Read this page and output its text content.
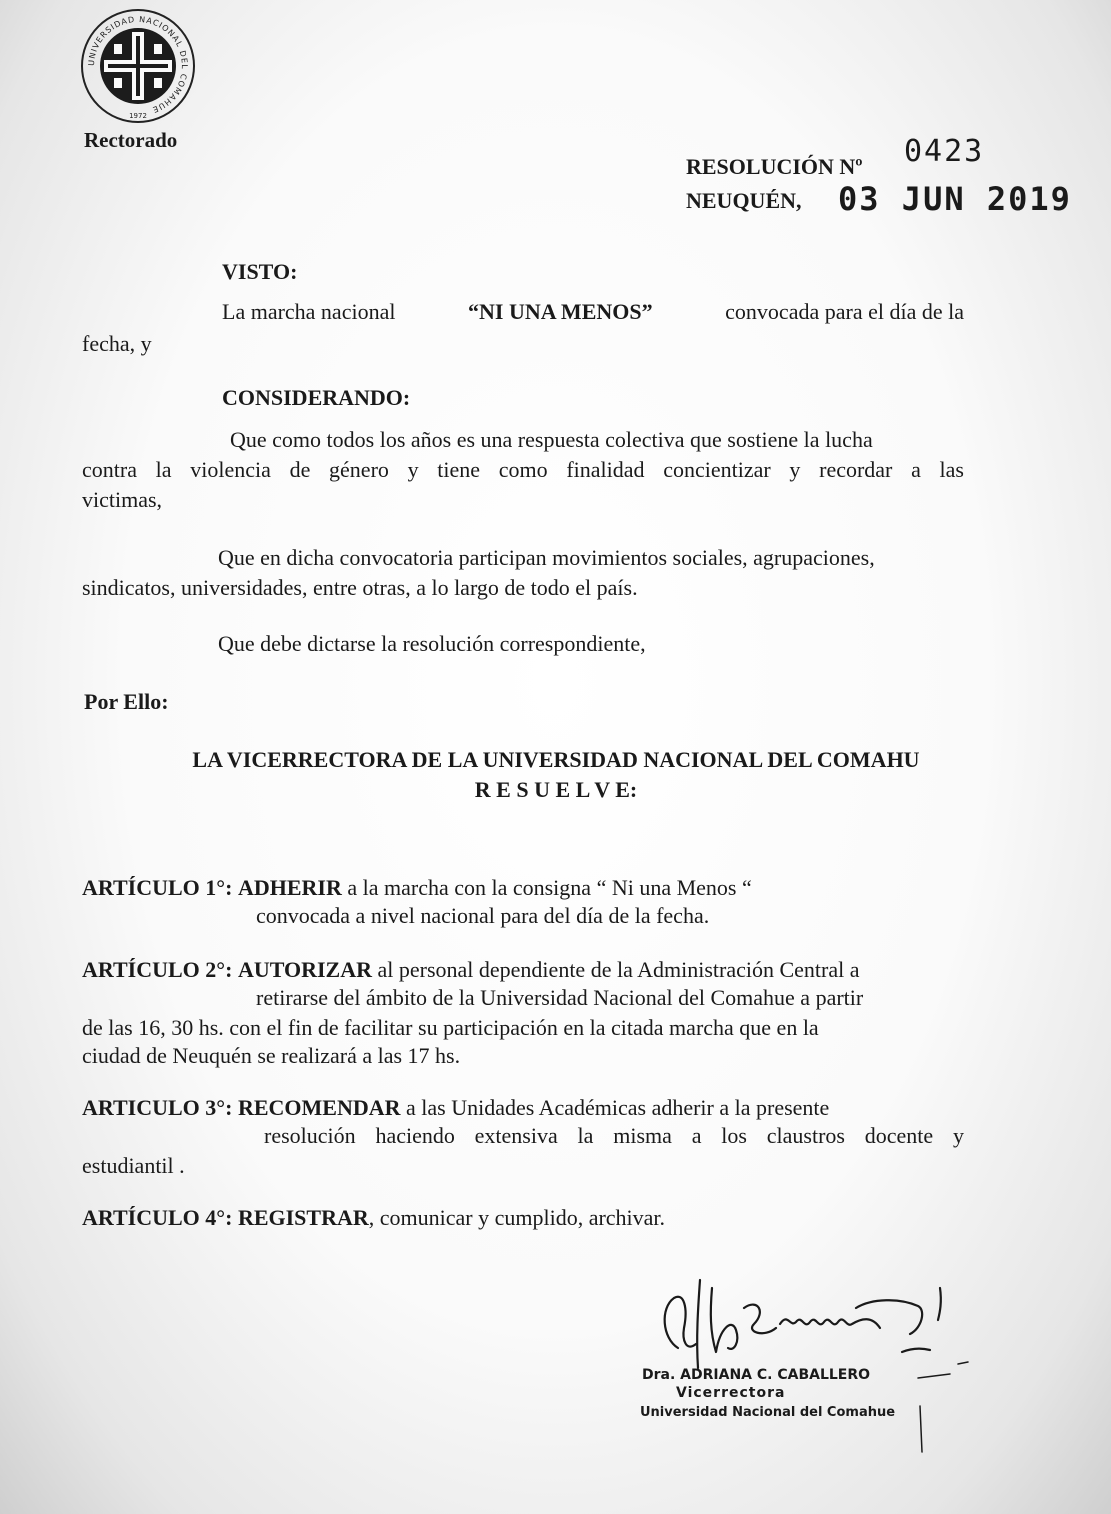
UNIVERSIDAD NACIONAL DEL COMAHUE
1972
Rectorado
RESOLUCIÓN Nº 0423
NEUQUÉN, 03 JUN 2019
VISTO:
La marcha nacional	“NI UNA MENOS”	convocada para el día de la
fecha, y
CONSIDERANDO:
Que como todos los años es una respuesta colectiva que sostiene la lucha
contra la violencia de género y tiene como finalidad concientizar y recordar a las
victimas,
Que en dicha convocatoria participan movimientos sociales, agrupaciones,
sindicatos, universidades, entre otras, a lo largo de todo el país.
Que debe dictarse la resolución correspondiente,
Por Ello:
LA VICERRECTORA DE LA UNIVERSIDAD NACIONAL DEL COMAHU
R E S U E L V E:
ARTÍCULO 1°: ADHERIR a la marcha con la consigna “ Ni una Menos “
convocada a nivel nacional para del día de la fecha.
ARTÍCULO 2°: AUTORIZAR al personal dependiente de la Administración Central a
retirarse del ámbito de la Universidad Nacional del Comahue a partir
de las 16, 30 hs. con el fin de facilitar su participación en la citada marcha que en la
ciudad de Neuquén se realizará a las 17 hs.
ARTICULO 3°: RECOMENDAR a las Unidades Académicas adherir a la presente
resolución haciendo extensiva la misma a los claustros docente y
estudiantil .
ARTÍCULO 4°: REGISTRAR, comunicar y cumplido, archivar.
Dra. ADRIANA C. CABALLERO
Vicerrectora
Universidad Nacional del Comahue
